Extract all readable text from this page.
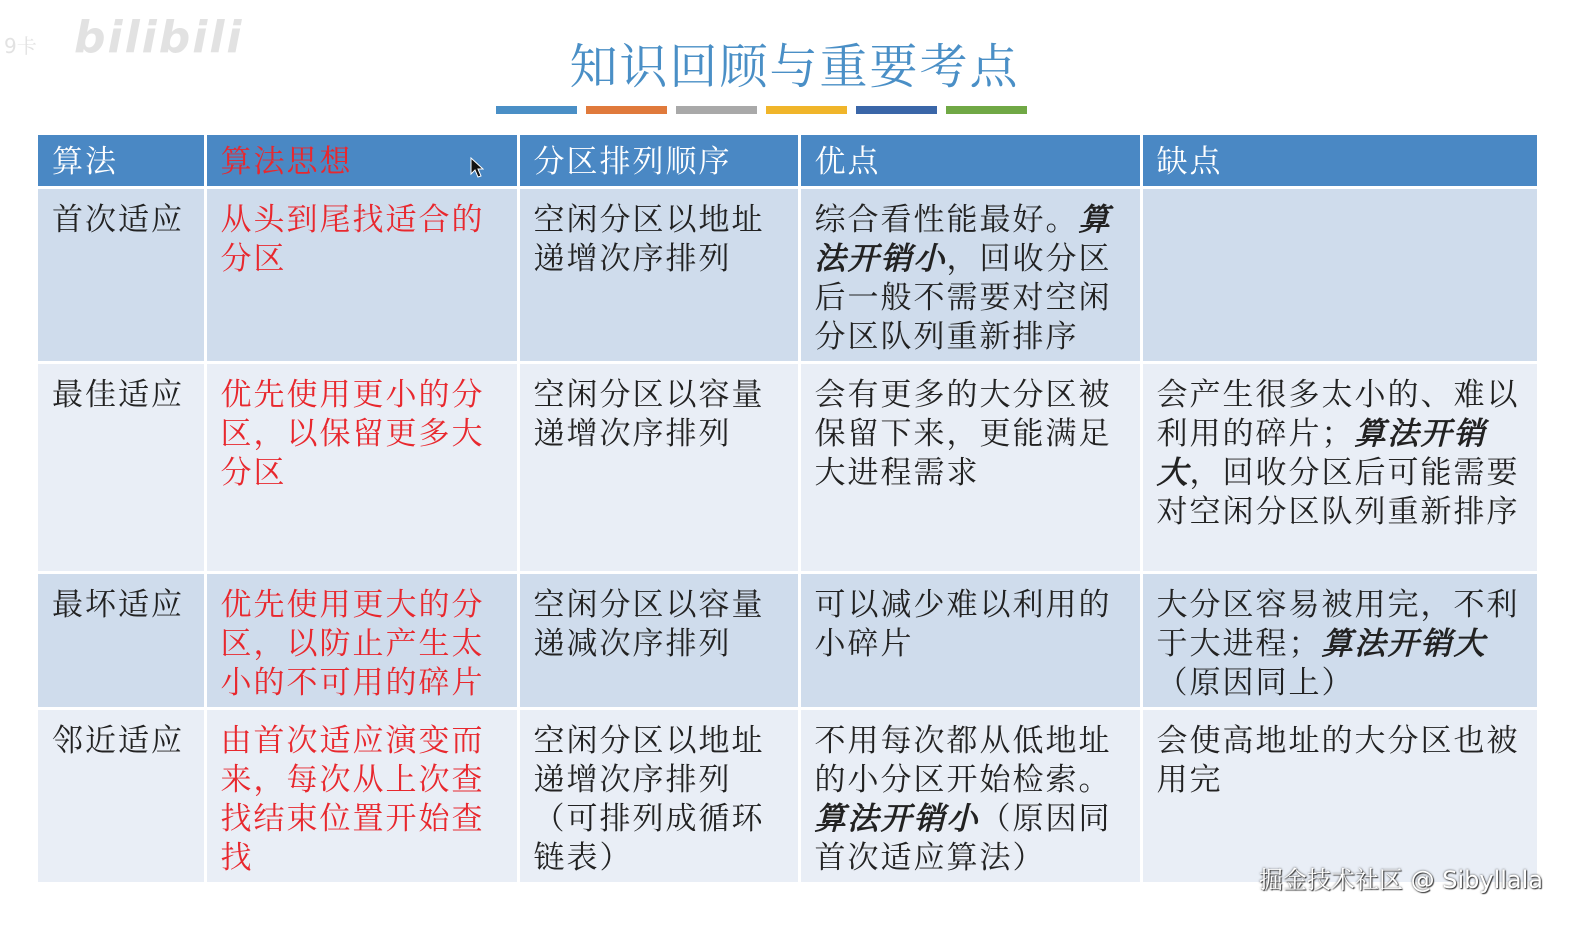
9卡 bilibili
知识回顾与重要考点
算法	算法思想	分区排列顺序	优点	缺点
首次适应	从头到尾找适合的分区	空闲分区以地址递增次序排列	综合看性能最好。算法开销小，回收分区后一般不需要对空闲分区队列重新排序	
最佳适应	优先使用更小的分区，以保留更多大分区	空闲分区以容量递增次序排列	会有更多的大分区被保留下来，更能满足大进程需求	会产生很多太小的、难以利用的碎片；算法开销大，回收分区后可能需要对空闲分区队列重新排序
最坏适应	优先使用更大的分区，以防止产生太小的不可用的碎片	空闲分区以容量递减次序排列	可以减少难以利用的小碎片	大分区容易被用完，不利于大进程；算法开销大（原因同上）
邻近适应	由首次适应演变而来，每次从上次查找结束位置开始查找	空闲分区以地址递增次序排列（可排列成循环链表）	不用每次都从低地址的小分区开始检索。算法开销小（原因同首次适应算法）	会使高地址的大分区也被用完
掘金技术社区 @ Sibyllala
